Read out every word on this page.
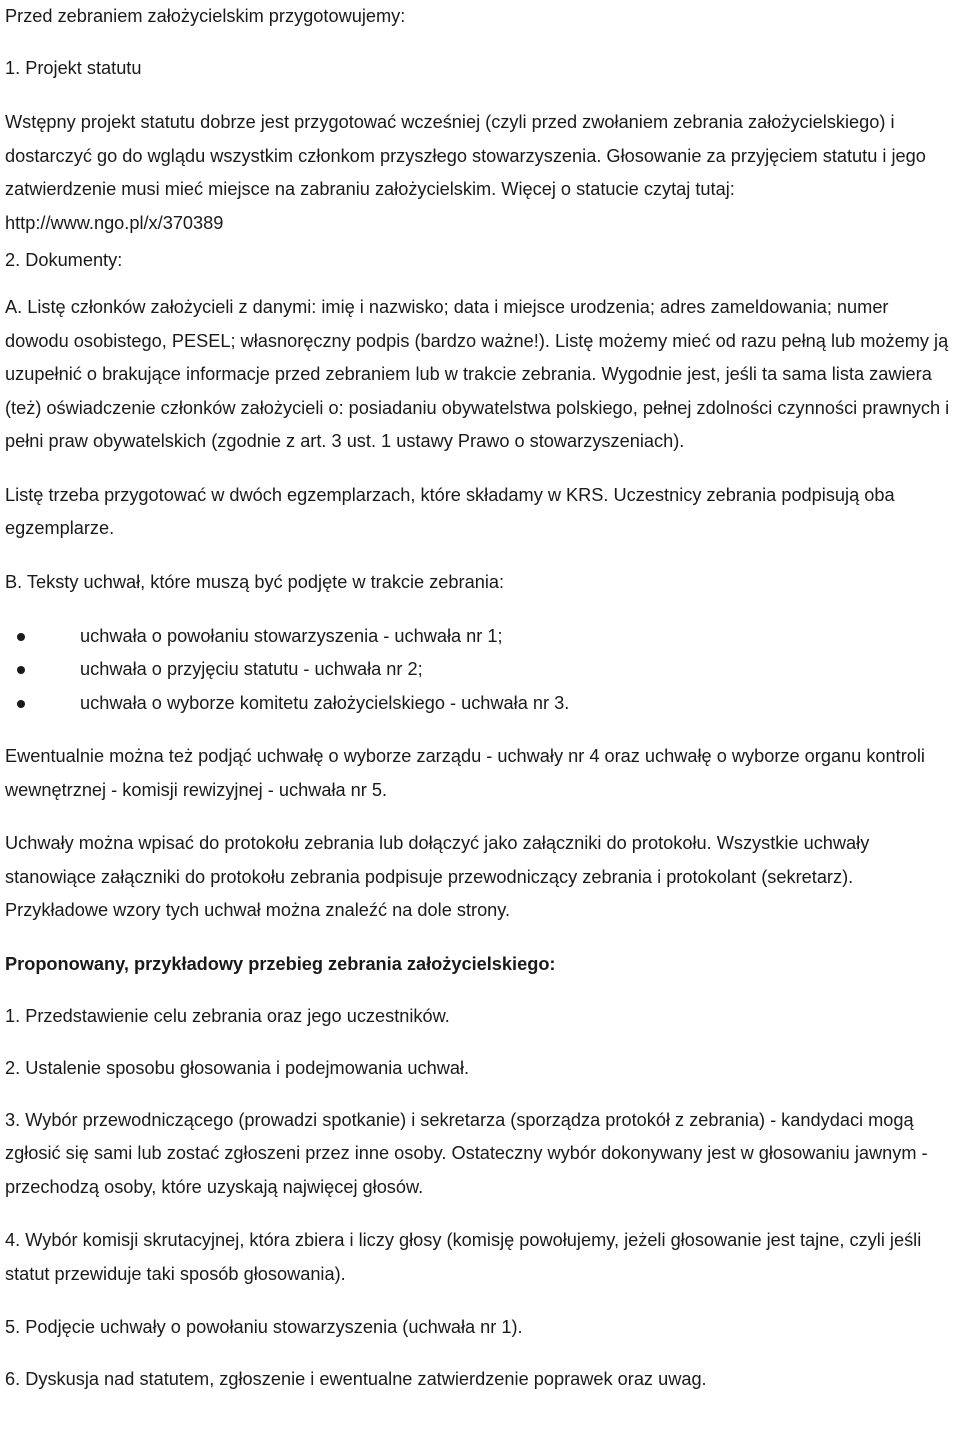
Przed zebraniem założycielskim przygotowujemy:

1. Projekt statutu

Wstępny projekt statutu dobrze jest przygotować wcześniej (czyli przed zwołaniem zebrania założycielskiego) i dostarczyć go do wglądu wszystkim członkom przyszłego stowarzyszenia. Głosowanie za przyjęciem statutu i jego zatwierdzenie musi mieć miejsce na zabraniu założycielskim. Więcej o statucie czytaj tutaj: http://www.ngo.pl/x/370389

2. Dokumenty:

A. Listę członków założycieli z danymi: imię i nazwisko; data i miejsce urodzenia; adres zameldowania; numer dowodu osobistego, PESEL; własnoręczny podpis (bardzo ważne!). Listę możemy mieć od razu pełną lub możemy ją uzupełnić o brakujące informacje przed zebraniem lub w trakcie zebrania. Wygodnie jest, jeśli ta sama lista zawiera (też) oświadczenie członków założycieli o: posiadaniu obywatelstwa polskiego, pełnej zdolności czynności prawnych i pełni praw obywatelskich (zgodnie z art. 3 ust. 1 ustawy Prawo o stowarzyszeniach).

Listę trzeba przygotować w dwóch egzemplarzach, które składamy w KRS. Uczestnicy zebrania podpisują oba egzemplarze.

B. Teksty uchwał, które muszą być podjęte w trakcie zebrania:

uchwała o powołaniu stowarzyszenia - uchwała nr 1;
uchwała o przyjęciu statutu - uchwała nr 2;
uchwała o wyborze komitetu założycielskiego - uchwała nr 3.

Ewentualnie można też podjąć uchwałę o wyborze zarządu - uchwały nr 4 oraz uchwałę o wyborze organu kontroli wewnętrznej - komisji rewizyjnej - uchwała nr 5.

Uchwały można wpisać do protokołu zebrania lub dołączyć jako załączniki do protokołu. Wszystkie uchwały stanowiące załączniki do protokołu zebrania podpisuje przewodniczący zebrania i protokolant (sekretarz). Przykładowe wzory tych uchwał można znaleźć na dole strony.

Proponowany, przykładowy przebieg zebrania założycielskiego:

1. Przedstawienie celu zebrania oraz jego uczestników.

2. Ustalenie sposobu głosowania i podejmowania uchwał.

3. Wybór przewodniczącego (prowadzi spotkanie) i sekretarza (sporządza protokół z zebrania) - kandydaci mogą zgłosić się sami lub zostać zgłoszeni przez inne osoby. Ostateczny wybór dokonywany jest w głosowaniu jawnym - przechodzą osoby, które uzyskają najwięcej głosów.

4. Wybór komisji skrutacyjnej, która zbiera i liczy głosy (komisję powołujemy, jeżeli głosowanie jest tajne, czyli jeśli statut przewiduje taki sposób głosowania).

5. Podjęcie uchwały o powołaniu stowarzyszenia (uchwała nr 1).

6. Dyskusja nad statutem, zgłoszenie i ewentualne zatwierdzenie poprawek oraz uwag.
